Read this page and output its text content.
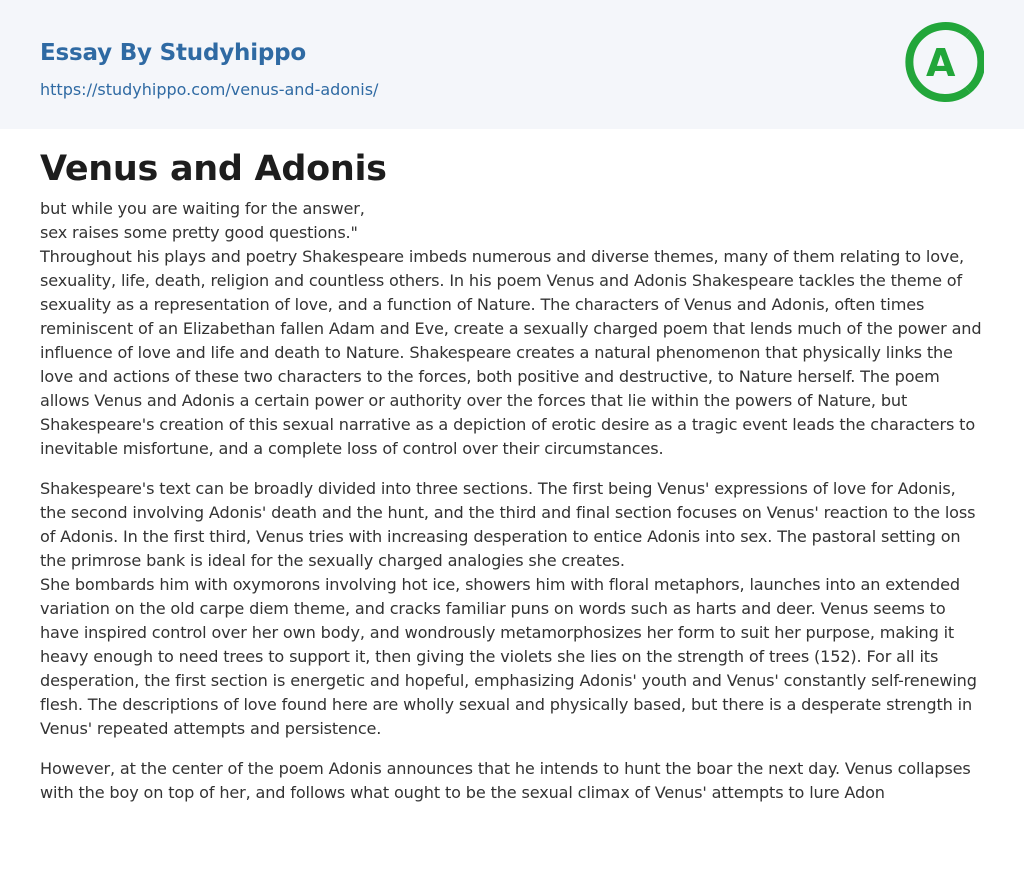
Essay By Studyhippo
https://studyhippo.com/venus-and-adonis/
A
Venus and Adonis

but while you are waiting for the answer,
sex raises some pretty good questions."
Throughout his plays and poetry Shakespeare imbeds numerous and diverse themes, many of them relating to love, sexuality, life, death, religion and countless others. In his poem Venus and Adonis Shakespeare tackles the theme of sexuality as a representation of love, and a function of Nature. The characters of Venus and Adonis, often times reminiscent of an Elizabethan fallen Adam and Eve, create a sexually charged poem that lends much of the power and influence of love and life and death to Nature. Shakespeare creates a natural phenomenon that physically links the love and actions of these two characters to the forces, both positive and destructive, to Nature herself. The poem allows Venus and Adonis a certain power or authority over the forces that lie within the powers of Nature, but Shakespeare's creation of this sexual narrative as a depiction of erotic desire as a tragic event leads the characters to inevitable misfortune, and a complete loss of control over their circumstances.

Shakespeare's text can be broadly divided into three sections. The first being Venus' expressions of love for Adonis, the second involving Adonis' death and the hunt, and the third and final section focuses on Venus' reaction to the loss of Adonis. In the first third, Venus tries with increasing desperation to entice Adonis into sex. The pastoral setting on the primrose bank is ideal for the sexually charged analogies she creates.
She bombards him with oxymorons involving hot ice, showers him with floral metaphors, launches into an extended variation on the old carpe diem theme, and cracks familiar puns on words such as harts and deer. Venus seems to have inspired control over her own body, and wondrously metamorphosizes her form to suit her purpose, making it heavy enough to need trees to support it, then giving the violets she lies on the strength of trees (152). For all its desperation, the first section is energetic and hopeful, emphasizing Adonis' youth and Venus' constantly self-renewing flesh. The descriptions of love found here are wholly sexual and physically based, but there is a desperate strength in Venus' repeated attempts and persistence.

However, at the center of the poem Adonis announces that he intends to hunt the boar the next day. Venus collapses with the boy on top of her, and follows what ought to be the sexual climax of Venus' attempts to lure Adon
